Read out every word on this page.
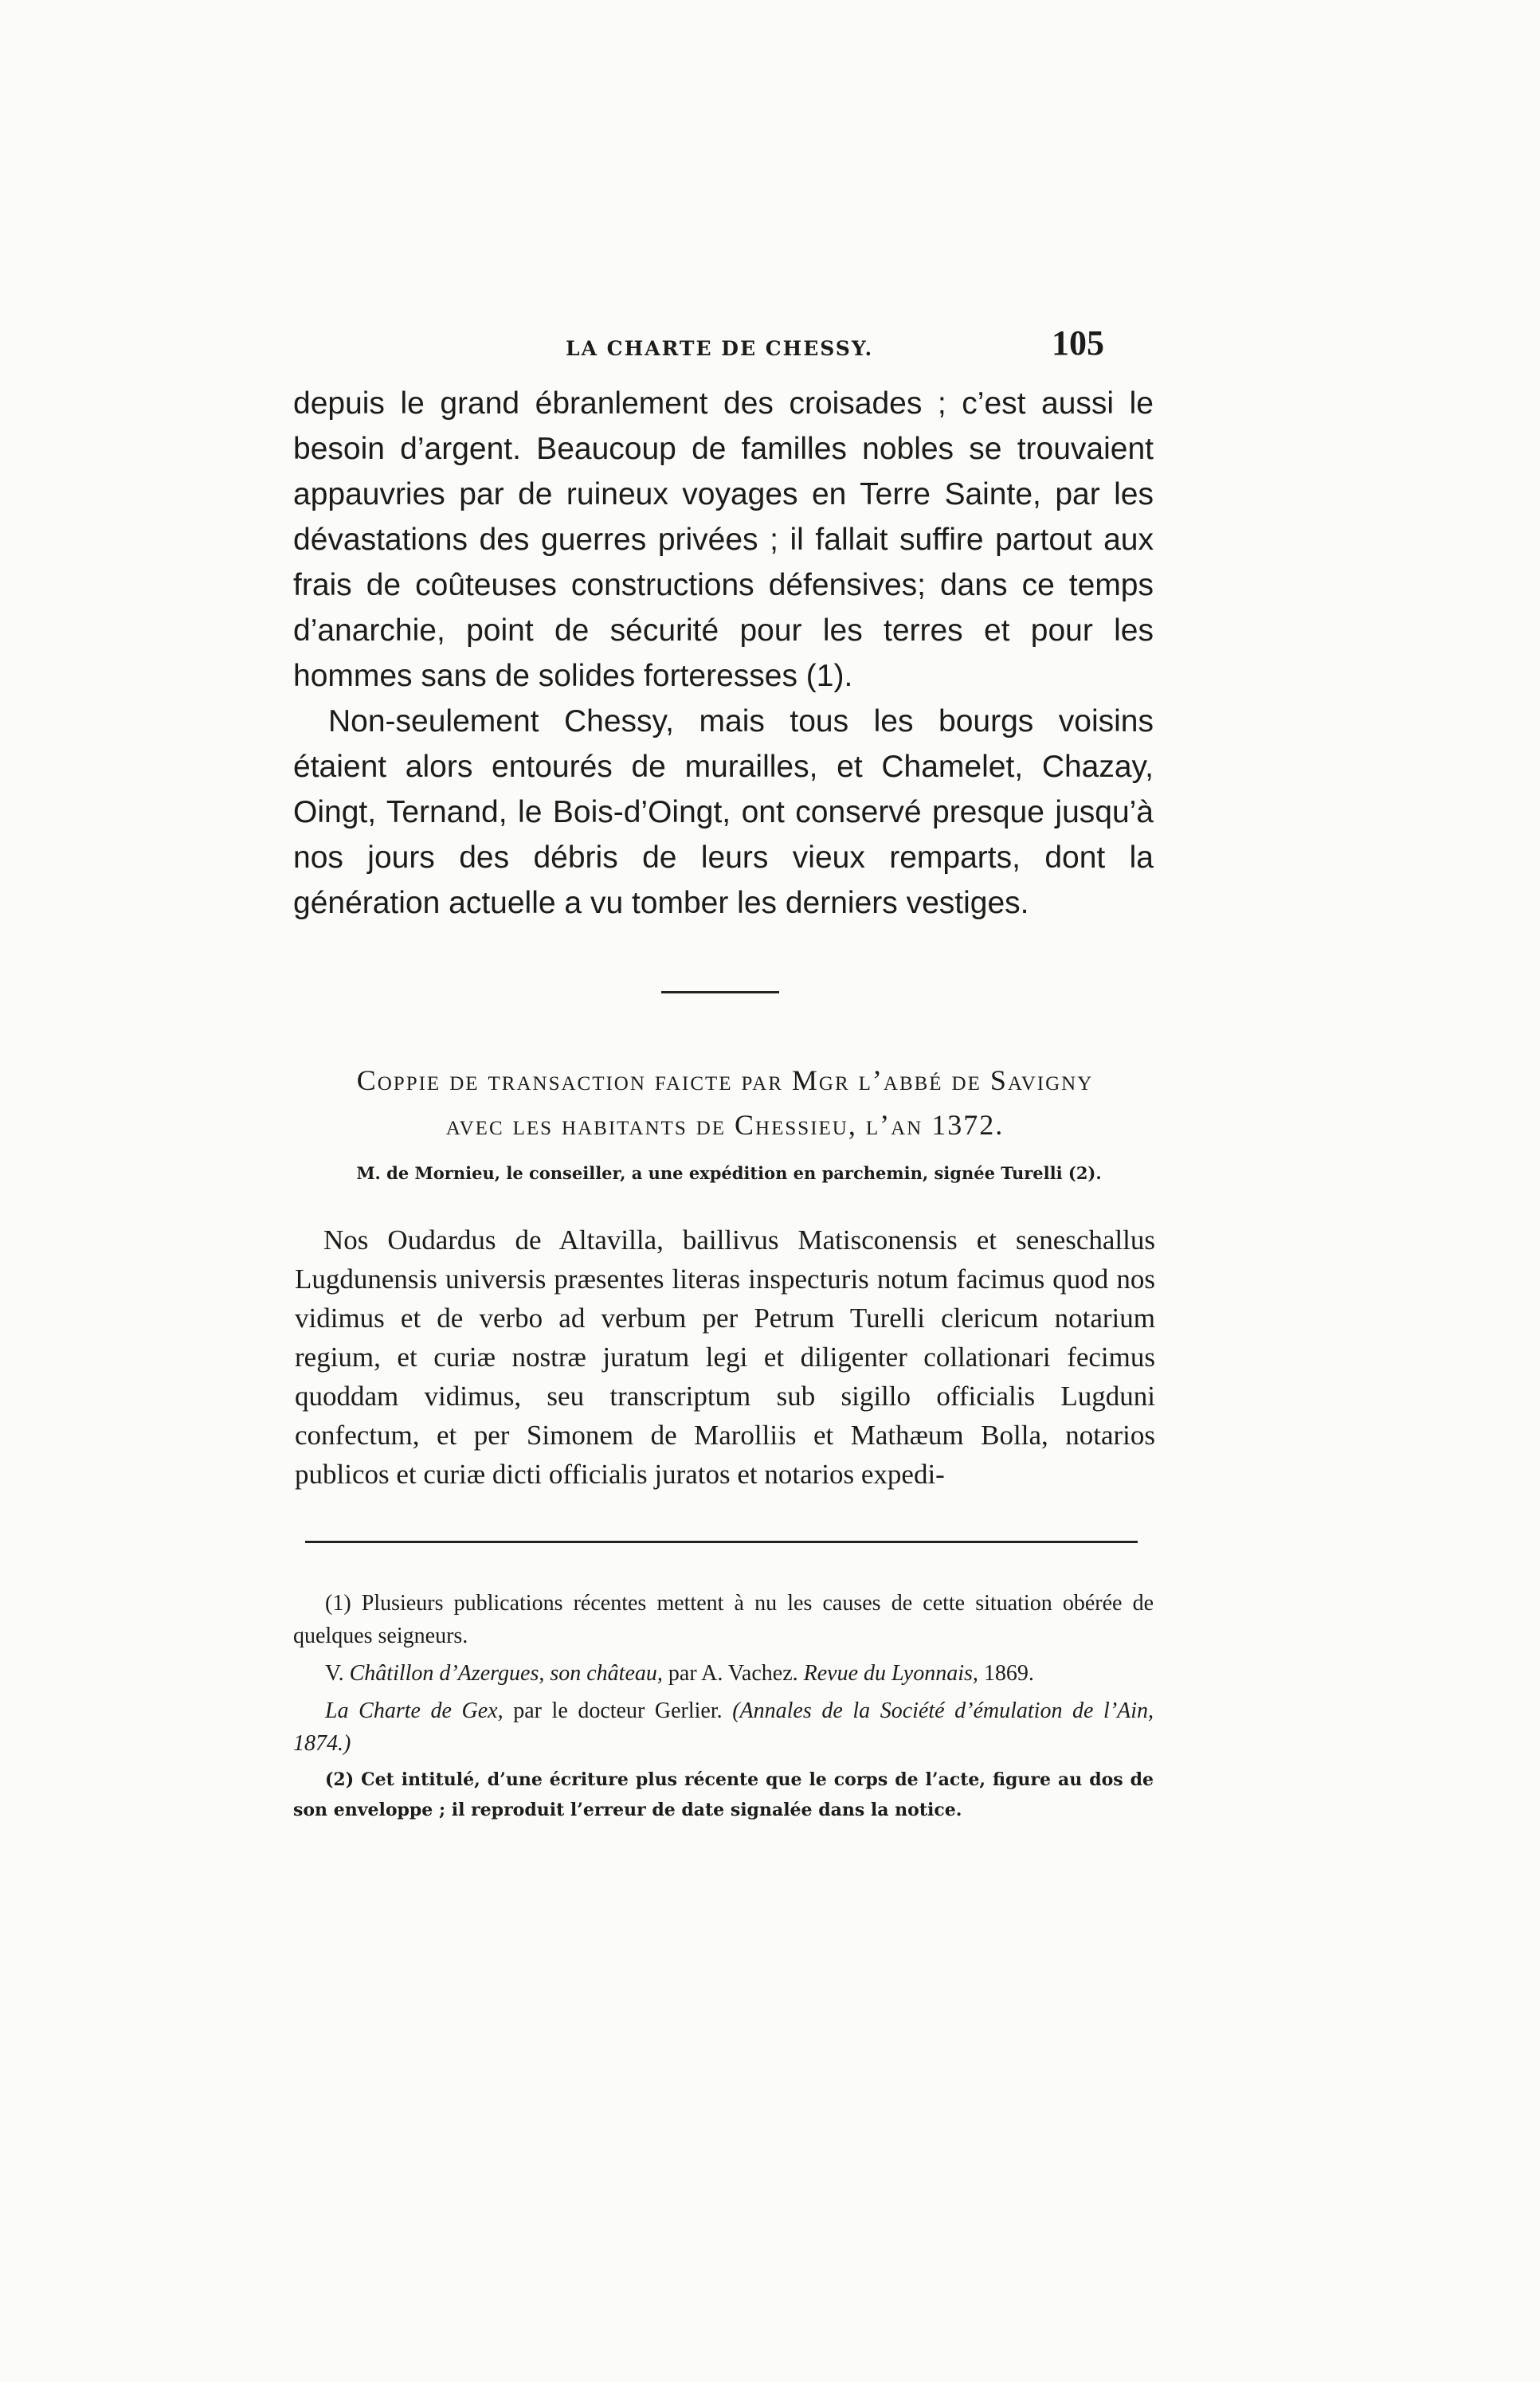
LA CHARTE DE CHESSY.	105

depuis le grand ébranlement des croisades ; c’est aussi le besoin d’argent. Beaucoup de familles nobles se trouvaient appauvries par de ruineux voyages en Terre Sainte, par les dévastations des guerres privées ; il fallait suffire partout aux frais de coûteuses constructions défensives; dans ce temps d’anarchie, point de sécurité pour les terres et pour les hommes sans de solides forteresses (1).

Non-seulement Chessy, mais tous les bourgs voisins étaient alors entourés de murailles, et Chamelet, Chazay, Oingt, Ternand, le Bois-d’Oingt, ont conservé presque jusqu’à nos jours des débris de leurs vieux remparts, dont la génération actuelle a vu tomber les derniers vestiges.

Coppie de transaction faicte par Mgr l’abbé de Savigny
avec les habitants de Chessieu, l’an 1372.
M. de Mornieu, le conseiller, a une expédition en parchemin, signée Turelli (2).

Nos Oudardus de Altavilla, baillivus Matisconensis et seneschallus Lugdunensis universis præsentes literas inspecturis notum facimus quod nos vidimus et de verbo ad verbum per Petrum Turelli clericum notarium regium, et curiæ nostræ juratum legi et diligenter collationari fecimus quoddam vidimus, seu transcriptum sub sigillo officialis Lugduni confectum, et per Simonem de Marolliis et Mathæum Bolla, notarios publicos et curiæ dicti officialis juratos et notarios expedi-

(1) Plusieurs publications récentes mettent à nu les causes de cette situation obérée de quelques seigneurs.

V. Châtillon d’Azergues, son château, par A. Vachez. Revue du Lyonnais, 1869.

La Charte de Gex, par le docteur Gerlier. (Annales de la Société d’émulation de l’Ain, 1874.)

(2) Cet intitulé, d’une écriture plus récente que le corps de l’acte, figure au dos de son enveloppe ; il reproduit l’erreur de date signalée dans la notice.
